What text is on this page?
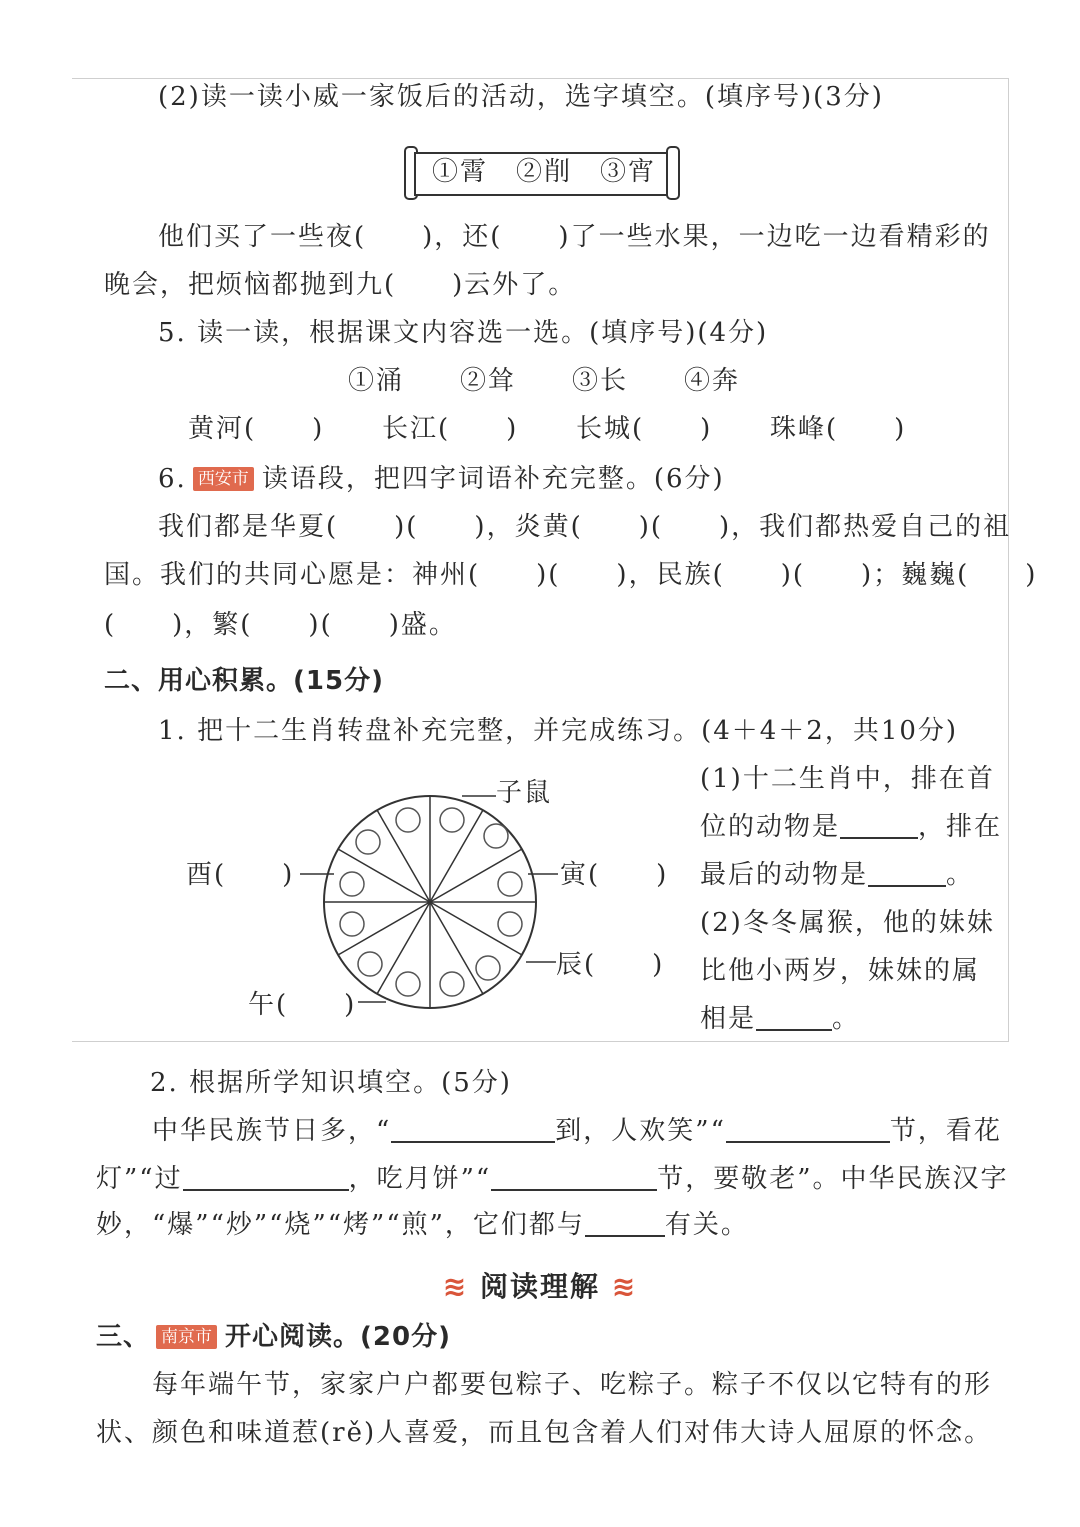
(2)读一读小威一家饭后的活动，选字填空。(填序号)(3分)
①霄　②削　③宵
他们买了一些夜(　　)，还(　　)了一些水果，一边吃一边看精彩的
晚会，把烦恼都抛到九(　　)云外了。
5. 读一读，根据课文内容选一选。(填序号)(4分)
①涌　　②耸　　③长　　④奔
黄河(　　) 长江(　　) 长城(　　) 珠峰(　　)
6. 西安市 读语段，把四字词语补充完整。(6分)
我们都是华夏(　　)(　　)，炎黄(　　)(　　)，我们都热爱自己的祖
国。我们的共同心愿是：神州(　　)(　　)，民族(　　)(　　)；巍巍(　　)
(　　)，繁(　　)(　　)盛。
二、用心积累。(15分)
1. 把十二生肖转盘补充完整，并完成练习。(4＋4＋2，共10分)
子鼠
酉(　　)	寅(　　)
辰(　　)
午(　　)
(1)十二生肖中，排在首
位的动物是	，排在
最后的动物是	。
(2)冬冬属猴，他的妹妹
比他小两岁，妹妹的属
相是	。
2. 根据所学知识填空。(5分)
中华民族节日多，“	到，人欢笑”“	节，看花
灯”“过	，吃月饼”“	节，要敬老”。中华民族汉字
妙，“爆”“炒”“烧”“烤”“煎”，它们都与	有关。
≋ 阅读理解 ≋
三、 南京市 开心阅读。(20分)
每年端午节，家家户户都要包粽子、吃粽子。粽子不仅以它特有的形
状、颜色和味道惹(rě)人喜爱，而且包含着人们对伟大诗人屈原的怀念。
